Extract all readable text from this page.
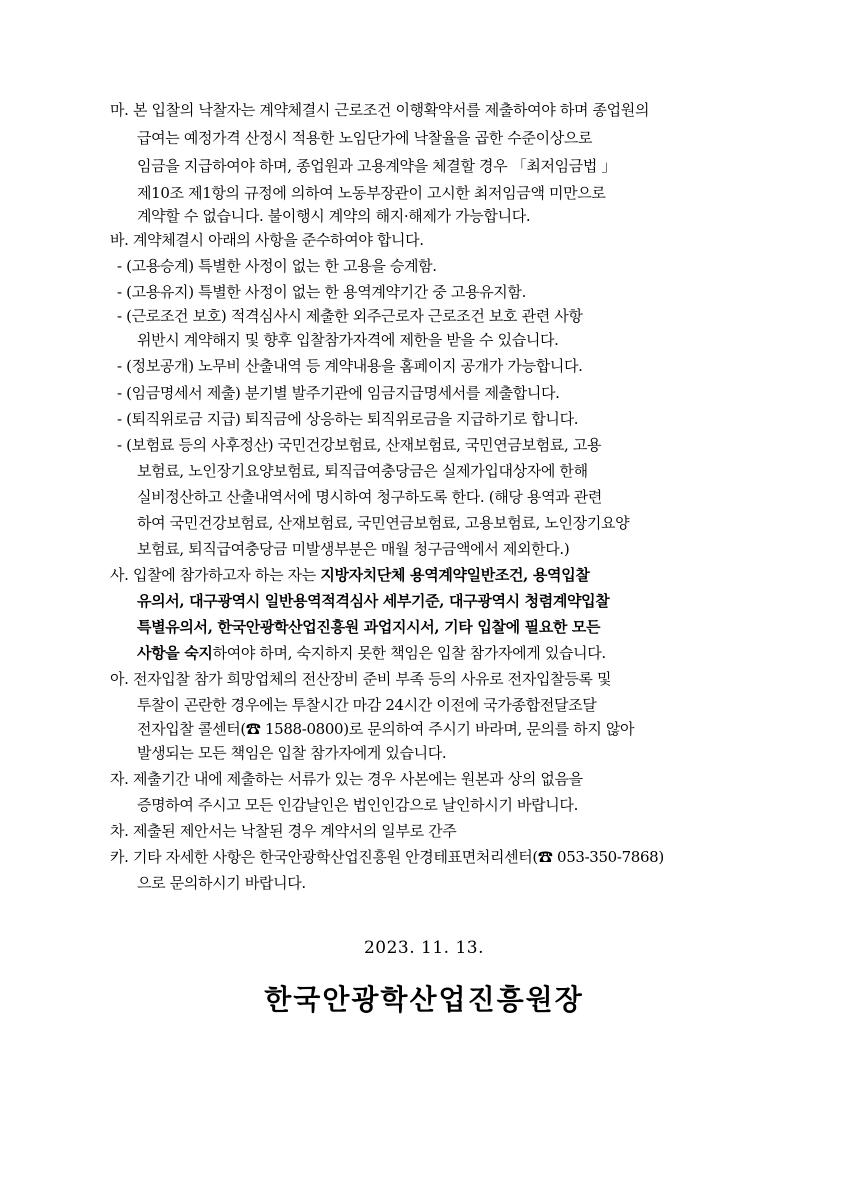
마. 본 입찰의 낙찰자는 계약체결시 근로조건 이행확약서를 제출하여야 하며 종업원의
급여는 예정가격 산정시 적용한 노임단가에 낙찰율을 곱한 수준이상으로
임금을 지급하여야 하며, 종업원과 고용계약을 체결할 경우 「최저임금법 」
제10조 제1항의 규정에 의하여 노동부장관이 고시한 최저임금액 미만으로
계약할 수 없습니다. 불이행시 계약의 해지·해제가 가능합니다.
바. 계약체결시 아래의 사항을 준수하여야 합니다.
- (고용승계) 특별한 사정이 없는 한 고용을 승계함.
- (고용유지) 특별한 사정이 없는 한 용역계약기간 중 고용유지함.
- (근로조건 보호) 적격심사시 제출한 외주근로자 근로조건 보호 관련 사항
위반시 계약해지 및 향후 입찰참가자격에 제한을 받을 수 있습니다.
- (정보공개) 노무비 산출내역 등 계약내용을 홈페이지 공개가 가능합니다.
- (임금명세서 제출) 분기별 발주기관에 임금지급명세서를 제출합니다.
- (퇴직위로금 지급) 퇴직금에 상응하는 퇴직위로금을 지급하기로 합니다.
- (보험료 등의 사후정산) 국민건강보험료, 산재보험료, 국민연금보험료, 고용
보험료, 노인장기요양보험료, 퇴직급여충당금은 실제가입대상자에 한해
실비정산하고 산출내역서에 명시하여 청구하도록 한다. (해당 용역과 관련
하여 국민건강보험료, 산재보험료, 국민연금보험료, 고용보험료, 노인장기요양
보험료, 퇴직급여충당금 미발생부분은 매월 청구금액에서 제외한다.)
사. 입찰에 참가하고자 하는 자는 지방자치단체 용역계약일반조건, 용역입찰
유의서, 대구광역시 일반용역적격심사 세부기준, 대구광역시 청렴계약입찰
특별유의서, 한국안광학산업진흥원 과업지시서, 기타 입찰에 필요한 모든
사항을 숙지하여야 하며, 숙지하지 못한 책임은 입찰 참가자에게 있습니다.
아. 전자입찰 참가 희망업체의 전산장비 준비 부족 등의 사유로 전자입찰등록 및
투찰이 곤란한 경우에는 투찰시간 마감 24시간 이전에 국가종합전달조달
전자입찰 콜센터(☎ 1588-0800)로 문의하여 주시기 바라며, 문의를 하지 않아
발생되는 모든 책임은 입찰 참가자에게 있습니다.
자. 제출기간 내에 제출하는 서류가 있는 경우 사본에는 원본과 상의 없음을
증명하여 주시고 모든 인감날인은 법인인감으로 날인하시기 바랍니다.
차. 제출된 제안서는 낙찰된 경우 계약서의 일부로 간주
카. 기타 자세한 사항은 한국안광학산업진흥원 안경테표면처리센터(☎ 053-350-7868)
으로 문의하시기 바랍니다.
2023. 11. 13.
한국안광학산업진흥원장
